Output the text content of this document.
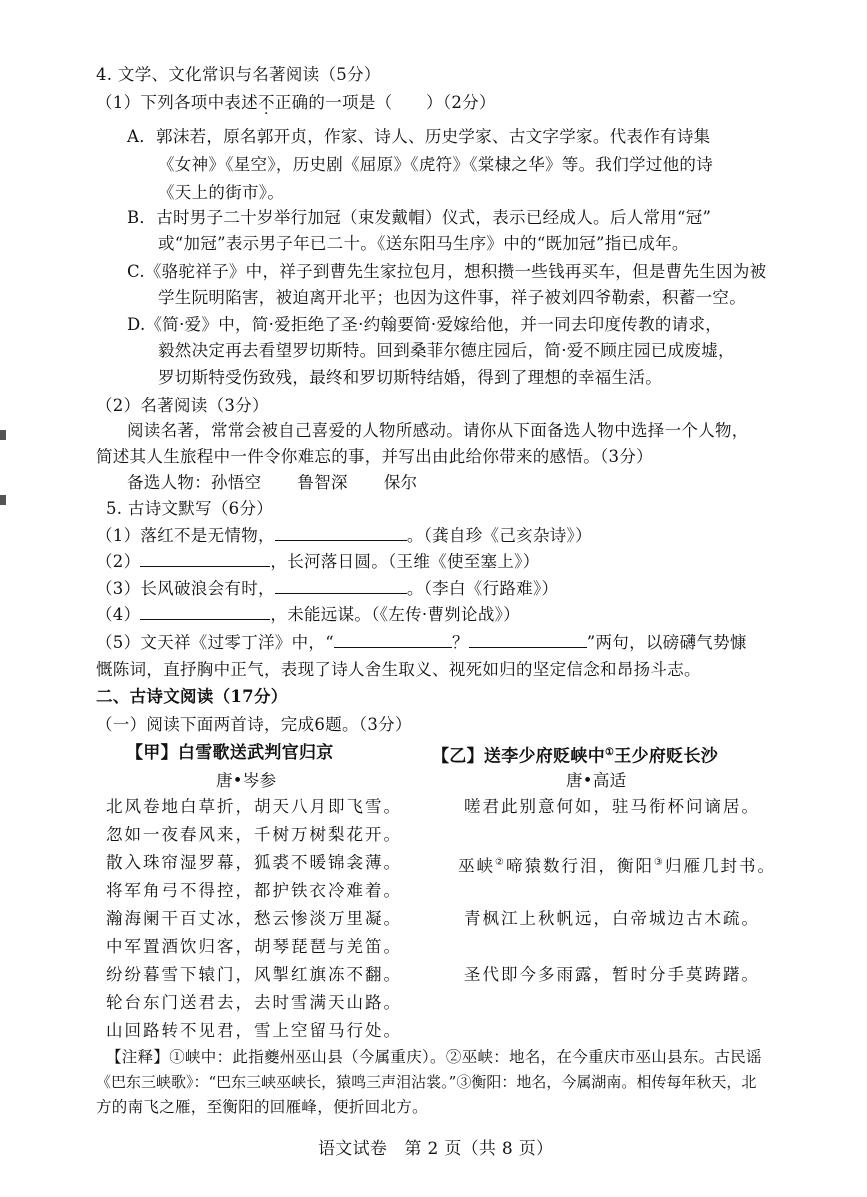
4. 文学、文化常识与名著阅读（5分）
（1）下列各项中表述不正确的一项是（　　）（2分）
A．郭沫若，原名郭开贞，作家、诗人、历史学家、古文字学家。代表作有诗集
《女神》《星空》，历史剧《屈原》《虎符》《棠棣之华》等。我们学过他的诗
《天上的街市》。
B．古时男子二十岁举行加冠（束发戴帽）仪式，表示已经成人。后人常用“冠”
或“加冠”表示男子年已二十。《送东阳马生序》中的“既加冠”指已成年。
C.《骆驼祥子》中，祥子到曹先生家拉包月，想积攒一些钱再买车，但是曹先生因为被
学生阮明陷害，被迫离开北平；也因为这件事，祥子被刘四爷勒索，积蓄一空。
D.《简·爱》中，简·爱拒绝了圣·约翰要简·爱嫁给他，并一同去印度传教的请求，
毅然决定再去看望罗切斯特。回到桑菲尔德庄园后，简·爱不顾庄园已成废墟，
罗切斯特受伤致残，最终和罗切斯特结婚，得到了理想的幸福生活。
（2）名著阅读（3分）
阅读名著，常常会被自己喜爱的人物所感动。请你从下面备选人物中选择一个人物，
简述其人生旅程中一件令你难忘的事，并写出由此给你带来的感悟。（3分）
备选人物：孙悟空 鲁智深 保尔
5. 古诗文默写（6分）
（1）落红不是无情物，	。（龚自珍《己亥杂诗》）
（2）	，长河落日圆。（王维《使至塞上》）
（3）长风破浪会有时，	。（李白《行路难》）
（4）	，未能远谋。（《左传·曹刿论战》）
（5）文天祥《过零丁洋》中，“	？	”两句，以磅礴气势慷
慨陈词，直抒胸中正气，表现了诗人舍生取义、视死如归的坚定信念和昂扬斗志。
二、古诗文阅读（17分）
（一）阅读下面两首诗，完成6题。（3分）
【甲】白雪歌送武判官归京
唐•岑参
北风卷地白草折，胡天八月即飞雪。
忽如一夜春风来，千树万树梨花开。
散入珠帘湿罗幕，狐裘不暖锦衾薄。
将军角弓不得控，都护铁衣冷难着。
瀚海阑干百丈冰，愁云惨淡万里凝。
中军置酒饮归客，胡琴琵琶与羌笛。
纷纷暮雪下辕门，风掣红旗冻不翻。
轮台东门送君去，去时雪满天山路。
山回路转不见君，雪上空留马行处。
【乙】送李少府贬峡中①王少府贬长沙
唐•高适
嗟君此别意何如，驻马衔杯问谪居。
巫峡②啼猿数行泪，衡阳③归雁几封书。
青枫江上秋帆远，白帝城边古木疏。
圣代即今多雨露，暂时分手莫踌躇。
【注释】①峡中：此指夔州巫山县（今属重庆）。②巫峡：地名，在今重庆市巫山县东。古民谣
《巴东三峡歌》：“巴东三峡巫峡长，猿鸣三声泪沾裳。”③衡阳：地名，今属湖南。相传每年秋天，北
方的南飞之雁，至衡阳的回雁峰，便折回北方。
语文试卷　第 2 页（共 8 页）
